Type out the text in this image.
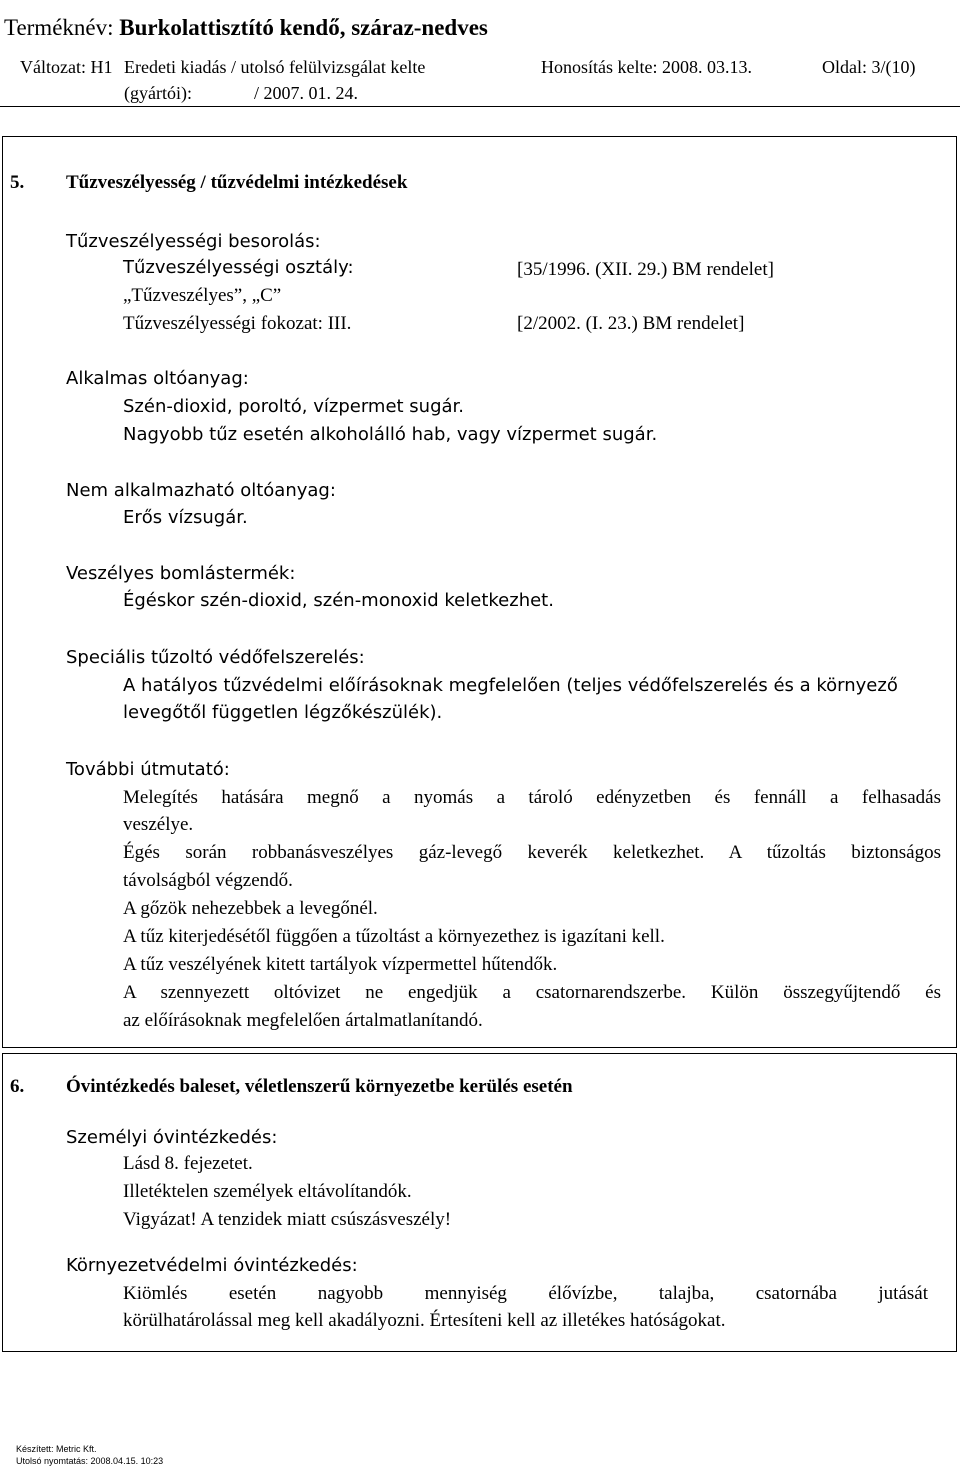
Terméknév: Burkolattisztító kendő, száraz-nedves
Változat: H1 Eredeti kiadás / utolsó felülvizsgálat kelte
(gyártói):	/ 2007. 01. 24.
Honosítás kelte: 2008. 03.13.	Oldal: 3/(10)
5. Tűzveszélyesség / tűzvédelmi intézkedések
Tűzveszélyességi besorolás:
Tűzveszélyességi osztály:
„Tűzveszélyes”, „C”
Tűzveszélyességi fokozat: III.
[35/1996. (XII. 29.) BM rendelet]
[2/2002. (I. 23.) BM rendelet]
Alkalmas oltóanyag:
Szén-dioxid, poroltó, vízpermet sugár.
Nagyobb tűz esetén alkoholálló hab, vagy vízpermet sugár.
Nem alkalmazható oltóanyag:
Erős vízsugár.
Veszélyes bomlástermék:
Égéskor szén-dioxid, szén-monoxid keletkezhet.
Speciális tűzoltó védőfelszerelés:
A hatályos tűzvédelmi előírásoknak megfelelően (teljes védőfelszerelés és a környező
levegőtől független légzőkészülék).
További útmutató:
Melegítés hatására megnő a nyomás a tároló edényzetben és fennáll a felhasadás
veszélye.
Égés során robbanásveszélyes gáz-levegő keverék keletkezhet. A tűzoltás biztonságos
távolságból végzendő.
A gőzök nehezebbek a levegőnél.
A tűz kiterjedésétől függően a tűzoltást a környezethez is igazítani kell.
A tűz veszélyének kitett tartályok vízpermettel hűtendők.
A szennyezett oltóvizet ne engedjük a csatornarendszerbe. Külön összegyűjtendő és
az előírásoknak megfelelően ártalmatlanítandó.
6. Óvintézkedés baleset, véletlenszerű környezetbe kerülés esetén
Személyi óvintézkedés:
Lásd 8. fejezetet.
Illetéktelen személyek eltávolítandók.
Vigyázat! A tenzidek miatt csúszásveszély!
Környezetvédelmi óvintézkedés:
Kiömlés esetén nagyobb mennyiség élővízbe, talajba, csatornába jutását
körülhatárolással meg kell akadályozni. Értesíteni kell az illetékes hatóságokat.
Készített: Metric Kft.
Utolsó nyomtatás: 2008.04.15. 10:23
